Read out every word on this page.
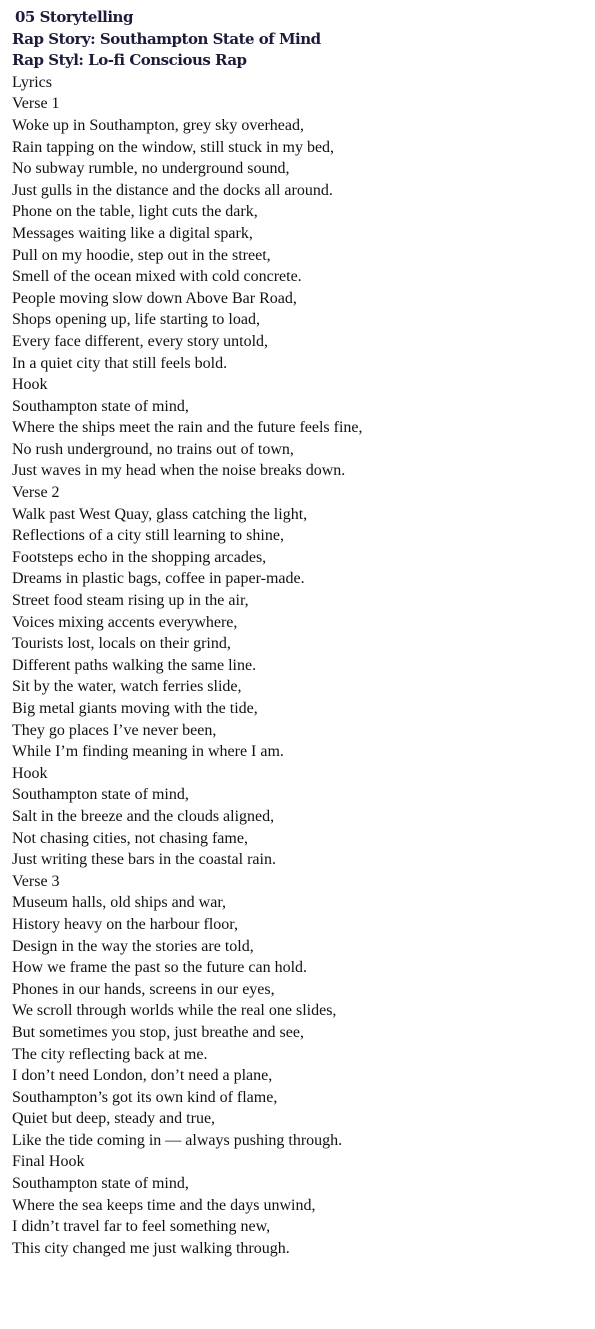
05 Storytelling
Rap Story: Southampton State of Mind
Rap Styl: Lo-fi Conscious Rap
Lyrics
Verse 1
Woke up in Southampton, grey sky overhead,
Rain tapping on the window, still stuck in my bed,
No subway rumble, no underground sound,
Just gulls in the distance and the docks all around.
Phone on the table, light cuts the dark,
Messages waiting like a digital spark,
Pull on my hoodie, step out in the street,
Smell of the ocean mixed with cold concrete.
People moving slow down Above Bar Road,
Shops opening up, life starting to load,
Every face different, every story untold,
In a quiet city that still feels bold.
Hook
Southampton state of mind,
Where the ships meet the rain and the future feels fine,
No rush underground, no trains out of town,
Just waves in my head when the noise breaks down.
Verse 2
Walk past West Quay, glass catching the light,
Reflections of a city still learning to shine,
Footsteps echo in the shopping arcades,
Dreams in plastic bags, coffee in paper-made.
Street food steam rising up in the air,
Voices mixing accents everywhere,
Tourists lost, locals on their grind,
Different paths walking the same line.
Sit by the water, watch ferries slide,
Big metal giants moving with the tide,
They go places I’ve never been,
While I’m finding meaning in where I am.
Hook
Southampton state of mind,
Salt in the breeze and the clouds aligned,
Not chasing cities, not chasing fame,
Just writing these bars in the coastal rain.
Verse 3
Museum halls, old ships and war,
History heavy on the harbour floor,
Design in the way the stories are told,
How we frame the past so the future can hold.
Phones in our hands, screens in our eyes,
We scroll through worlds while the real one slides,
But sometimes you stop, just breathe and see,
The city reflecting back at me.
I don’t need London, don’t need a plane,
Southampton’s got its own kind of flame,
Quiet but deep, steady and true,
Like the tide coming in — always pushing through.
Final Hook
Southampton state of mind,
Where the sea keeps time and the days unwind,
I didn’t travel far to feel something new,
This city changed me just walking through.
